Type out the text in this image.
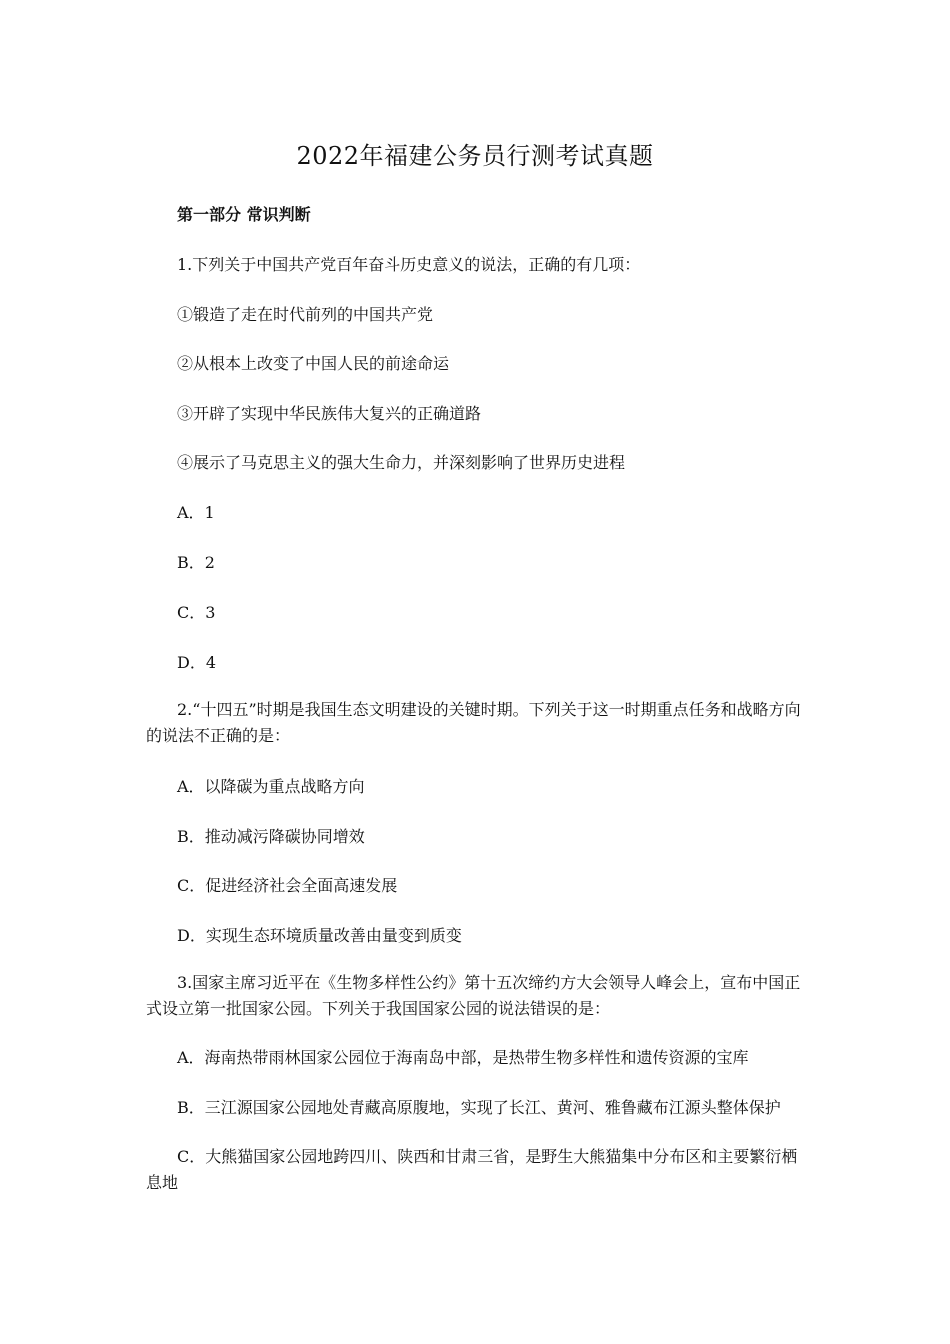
2022年福建公务员行测考试真题
第一部分 常识判断
1.下列关于中国共产党百年奋斗历史意义的说法，正确的有几项：
①锻造了走在时代前列的中国共产党
②从根本上改变了中国人民的前途命运
③开辟了实现中华民族伟大复兴的正确道路
④展示了马克思主义的强大生命力，并深刻影响了世界历史进程
A．1
B．2
C．3
D．4
2.“十四五”时期是我国生态文明建设的关键时期。下列关于这一时期重点任务和战略方向的说法不正确的是：
A．以降碳为重点战略方向
B．推动减污降碳协同增效
C．促进经济社会全面高速发展
D．实现生态环境质量改善由量变到质变
3.国家主席习近平在《生物多样性公约》第十五次缔约方大会领导人峰会上，宣布中国正式设立第一批国家公园。下列关于我国国家公园的说法错误的是：
A．海南热带雨林国家公园位于海南岛中部，是热带生物多样性和遗传资源的宝库
B．三江源国家公园地处青藏高原腹地，实现了长江、黄河、雅鲁藏布江源头整体保护
C．大熊猫国家公园地跨四川、陕西和甘肃三省，是野生大熊猫集中分布区和主要繁衍栖息地
